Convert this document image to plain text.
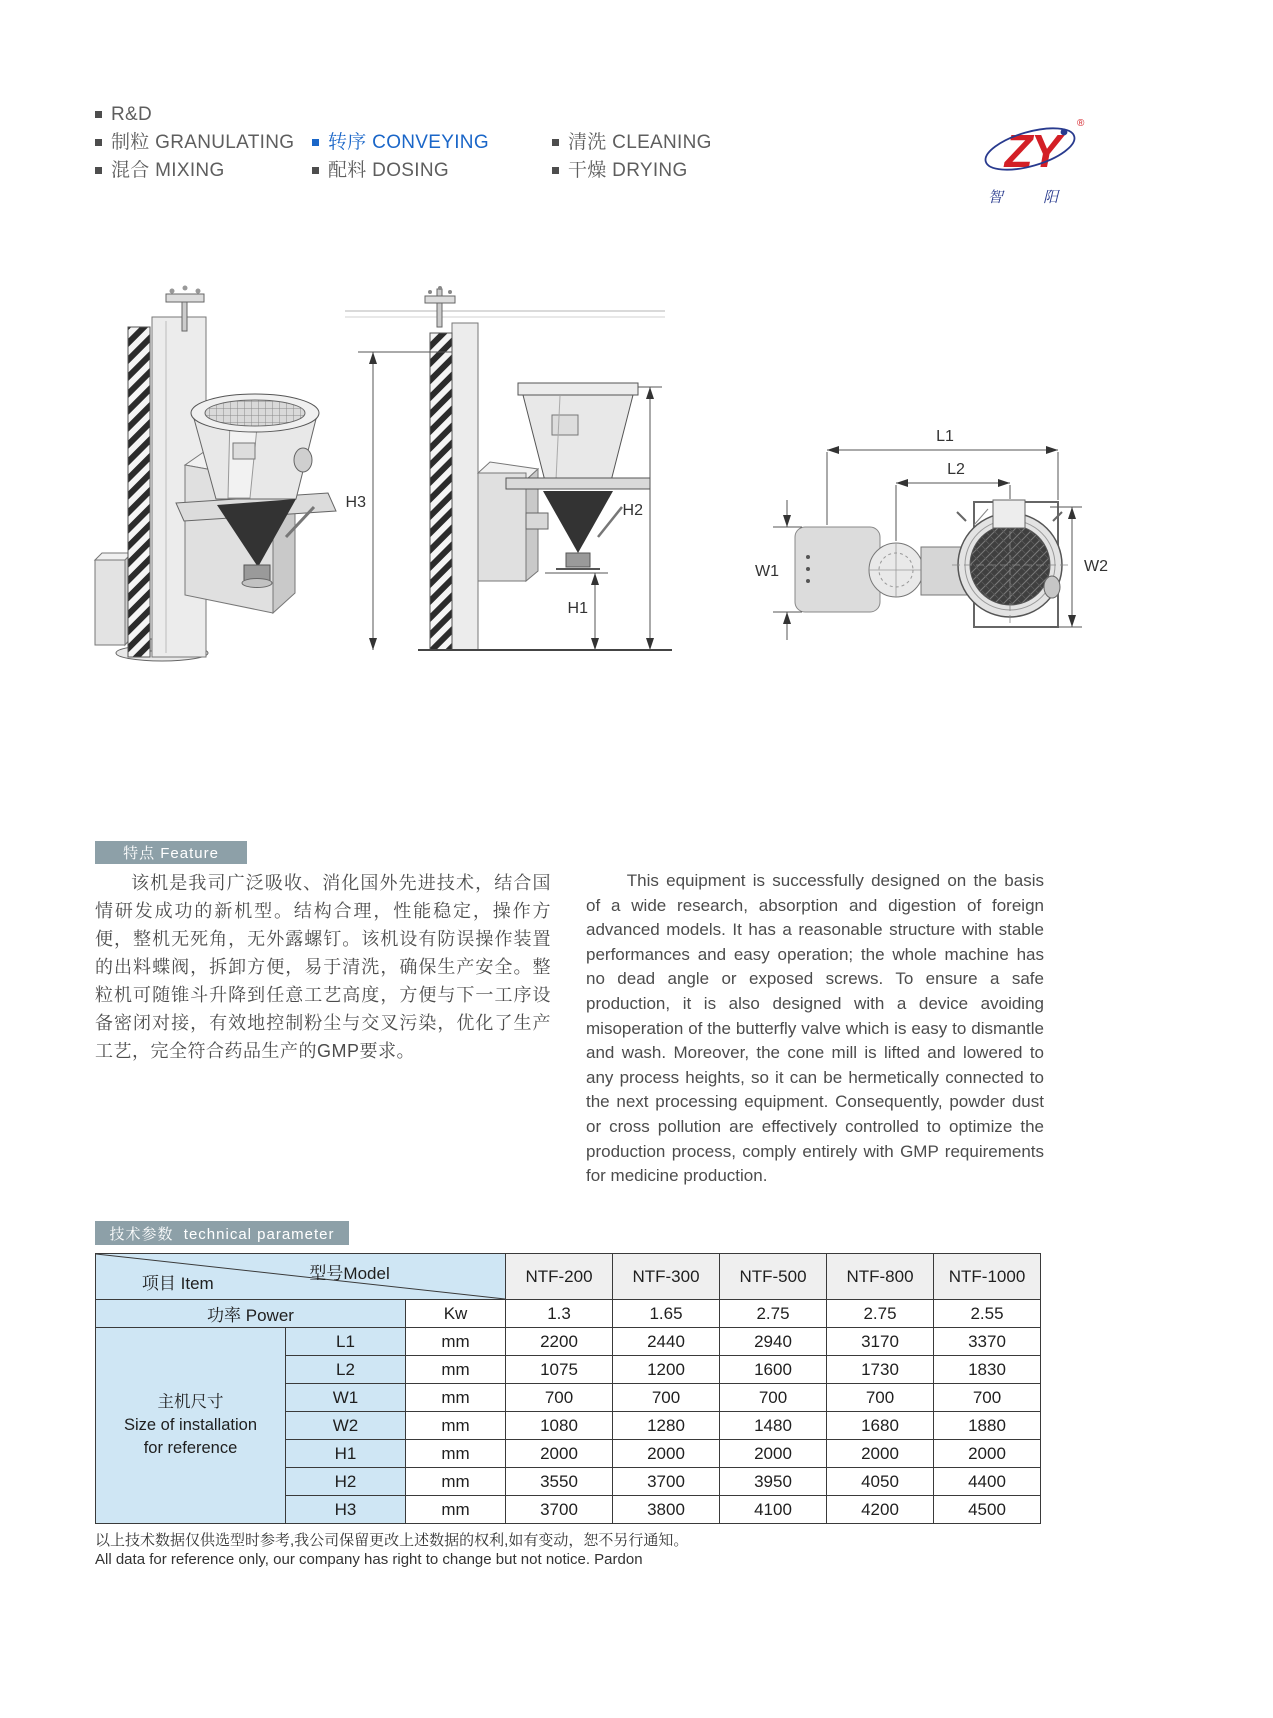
R&D
制粒 GRANULATING
混合 MIXING
转序 CONVEYING
配料 DOSING
清洗 CLEANING
干燥 DRYING	ZY
®
智 阳
H3	H2
H1
L1
L2
W1	W2
特点 Feature

该机是我司广泛吸收、消化国外先进技术，结合国情研发成功的新机型。结构合理，性能稳定，操作方便，整机无死角，无外露螺钉。该机设有防误操作装置的出料蝶阀，拆卸方便，易于清洗，确保生产安全。整粒机可随锥斗升降到任意工艺高度，方便与下一工序设备密闭对接，有效地控制粉尘与交叉污染，优化了生产工艺，完全符合药品生产的GMP要求。

This equipment is successfully designed on the basis of a wide research, absorption and digestion of foreign advanced models. It has a reasonable structure with stable performances and easy operation; the whole machine has no dead angle or exposed screws. To ensure a safe production, it is also designed with a device avoiding misoperation of the butterfly valve which is easy to dismantle and wash. Moreover, the cone mill is lifted and lowered to any process heights, so it can be hermetically connected to the next processing equipment. Consequently, powder dust or cross pollution are effectively controlled to optimize the production process, comply entirely with GMP requirements for medicine production.

技术参数  technical parameter
型号Model
项目 Item			NTF-200	NTF-300	NTF-500	NTF-800	NTF-1000
功率 Power		Kw	1.3	1.65	2.75	2.75	2.55
主机尺寸
Size of installation
for reference	L1	mm	2200	2440	2940	3170	3370
	L2	mm	1075	1200	1600	1730	1830
	W1	mm	700	700	700	700	700
	W2	mm	1080	1280	1480	1680	1880
	H1	mm	2000	2000	2000	2000	2000
	H2	mm	3550	3700	3950	4050	4400
	H3	mm	3700	3800	4100	4200	4500
以上技术数据仅供选型时参考,我公司保留更改上述数据的权利,如有变动，恕不另行通知。
All data for reference only, our company has right to change but not notice. Pardon
